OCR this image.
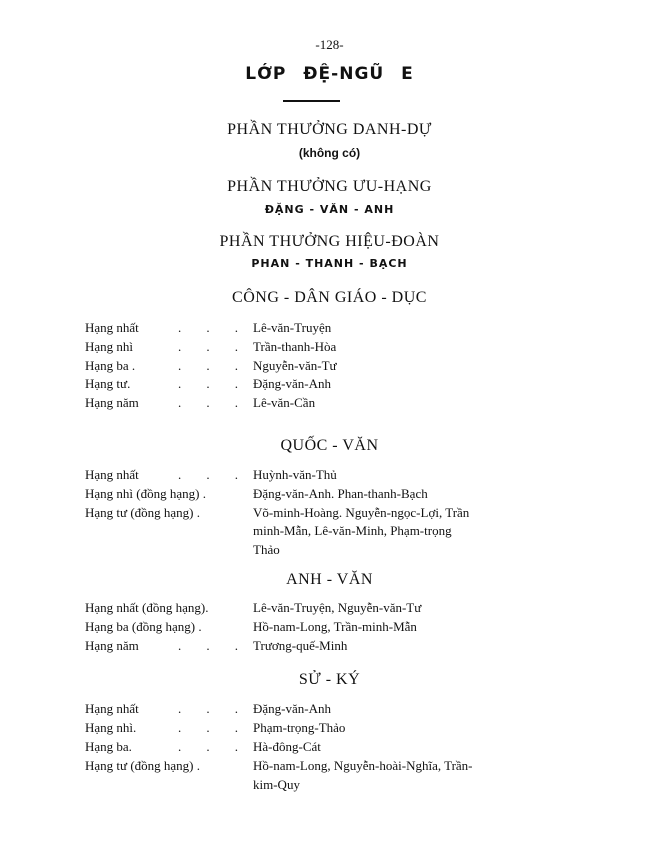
-128-
LỚP ĐỆ-NGŨ E
PHẦN THƯỞNG DANH-DỰ
(không có)
PHẦN THƯỞNG ƯU-HẠNG
ĐẶNG - VĂN - ANH
PHẦN THƯỞNG HIỆU-ĐOÀN
PHAN - THANH - BẠCH
CÔNG - DÂN GIÁO - DỤC
Hạng nhất	. . . Lê-văn-Truyện
Hạng nhì	. . . Trần-thanh-Hòa
Hạng ba .	. . . Nguyễn-văn-Tư
Hạng tư.	. . . Đặng-văn-Anh
Hạng năm	. . . Lê-văn-Cần
QUỐC - VĂN
Hạng nhất	. . . Huỳnh-văn-Thủ
Hạng nhì (đồng hạng) .	Đặng-văn-Anh. Phan-thanh-Bạch
Hạng tư (đồng hạng) .	Võ-minh-Hoàng. Nguyễn-ngọc-Lợi, Trần
minh-Mẫn, Lê-văn-Minh, Phạm-trọng
Thảo
ANH - VĂN
Hạng nhất (đồng hạng).	Lê-văn-Truyện, Nguyễn-văn-Tư
Hạng ba (đồng hạng) .	Hồ-nam-Long, Trần-minh-Mẫn
Hạng năm	. . . Trương-quế-Minh
SỬ - KÝ
Hạng nhất	. . . Đặng-văn-Anh
Hạng nhì.	. . . Phạm-trọng-Thảo
Hạng ba.	. . . Hà-đông-Cát
Hạng tư (đồng hạng) .	Hồ-nam-Long, Nguyễn-hoài-Nghĩa, Trần-
kim-Quy
